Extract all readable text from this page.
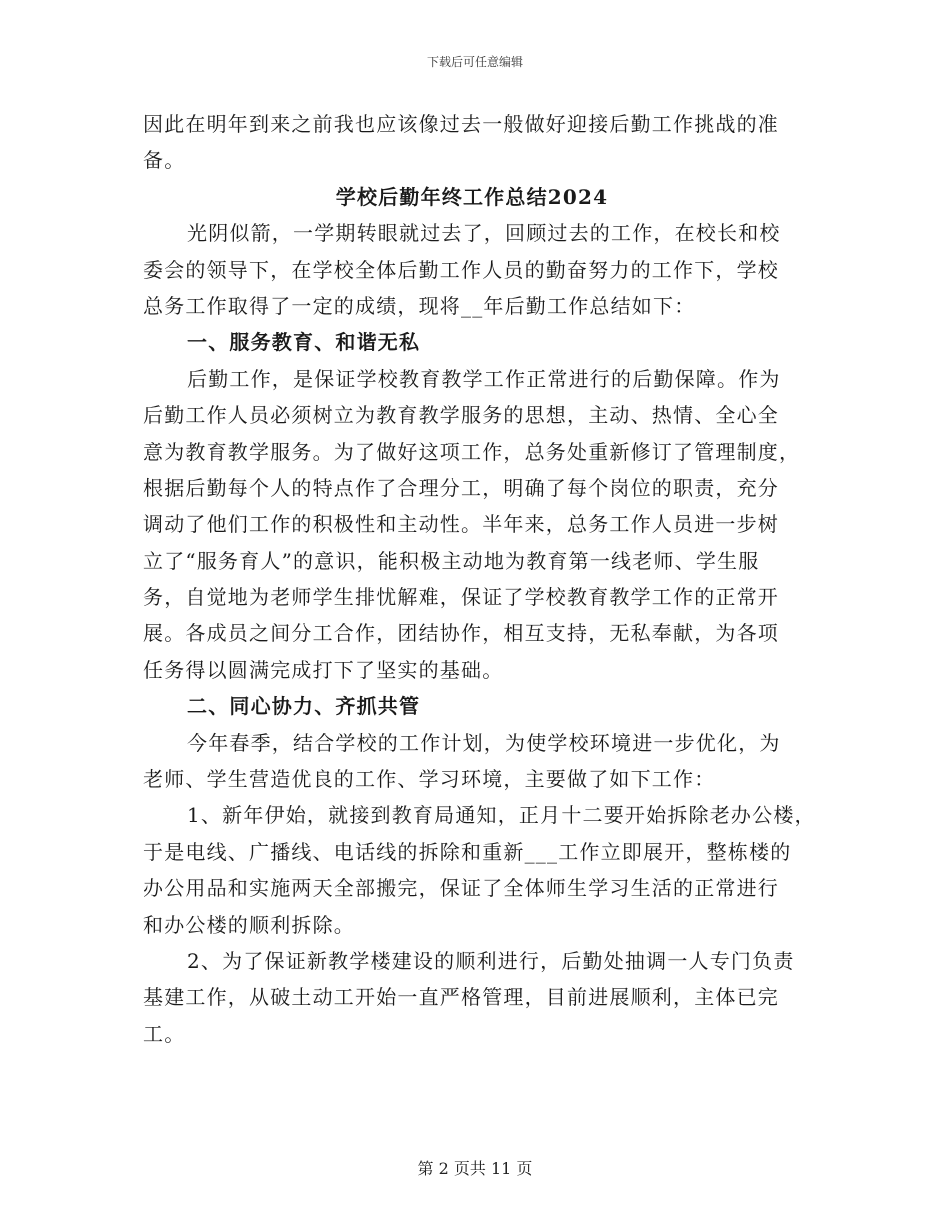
下载后可任意编辑
因此在明年到来之前我也应该像过去一般做好迎接后勤工作挑战的准
备。
学校后勤年终工作总结2024
光阴似箭，一学期转眼就过去了，回顾过去的工作，在校长和校
委会的领导下，在学校全体后勤工作人员的勤奋努力的工作下，学校
总务工作取得了一定的成绩，现将__年后勤工作总结如下：
一、服务教育、和谐无私
后勤工作，是保证学校教育教学工作正常进行的后勤保障。作为
后勤工作人员必须树立为教育教学服务的思想，主动、热情、全心全
意为教育教学服务。为了做好这项工作，总务处重新修订了管理制度，
根据后勤每个人的特点作了合理分工，明确了每个岗位的职责，充分
调动了他们工作的积极性和主动性。半年来，总务工作人员进一步树
立了“服务育人”的意识，能积极主动地为教育第一线老师、学生服
务，自觉地为老师学生排忧解难，保证了学校教育教学工作的正常开
展。各成员之间分工合作，团结协作，相互支持，无私奉献，为各项
任务得以圆满完成打下了坚实的基础。
二、同心协力、齐抓共管
今年春季，结合学校的工作计划，为使学校环境进一步优化，为
老师、学生营造优良的工作、学习环境，主要做了如下工作：
1、新年伊始，就接到教育局通知，正月十二要开始拆除老办公楼，
于是电线、广播线、电话线的拆除和重新___工作立即展开，整栋楼的
办公用品和实施两天全部搬完，保证了全体师生学习生活的正常进行
和办公楼的顺利拆除。
2、为了保证新教学楼建设的顺利进行，后勤处抽调一人专门负责
基建工作，从破土动工开始一直严格管理，目前进展顺利，主体已完
工。
第 2 页共 11 页
